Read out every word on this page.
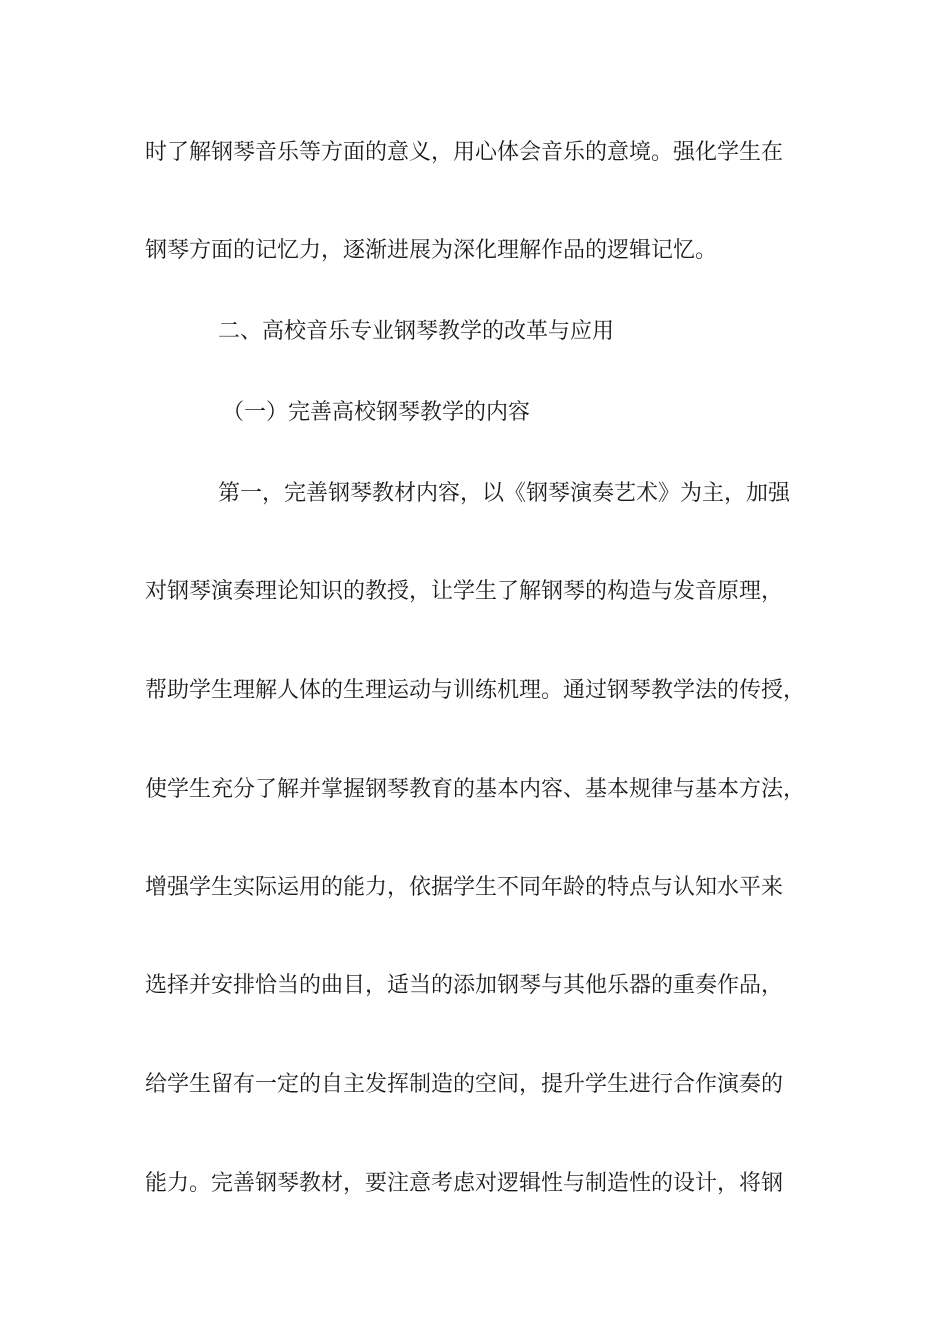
时了解钢琴音乐等方面的意义，用心体会音乐的意境。强化学生在

钢琴方面的记忆力，逐渐进展为深化理解作品的逻辑记忆。

二、高校音乐专业钢琴教学的改革与应用

（一）完善高校钢琴教学的内容

第一，完善钢琴教材内容，以《钢琴演奏艺术》为主，加强

对钢琴演奏理论知识的教授，让学生了解钢琴的构造与发音原理，

帮助学生理解人体的生理运动与训练机理。通过钢琴教学法的传授，

使学生充分了解并掌握钢琴教育的基本内容、基本规律与基本方法，

增强学生实际运用的能力，依据学生不同年龄的特点与认知水平来

选择并安排恰当的曲目，适当的添加钢琴与其他乐器的重奏作品，

给学生留有一定的自主发挥制造的空间，提升学生进行合作演奏的

能力。完善钢琴教材，要注意考虑对逻辑性与制造性的设计，将钢
